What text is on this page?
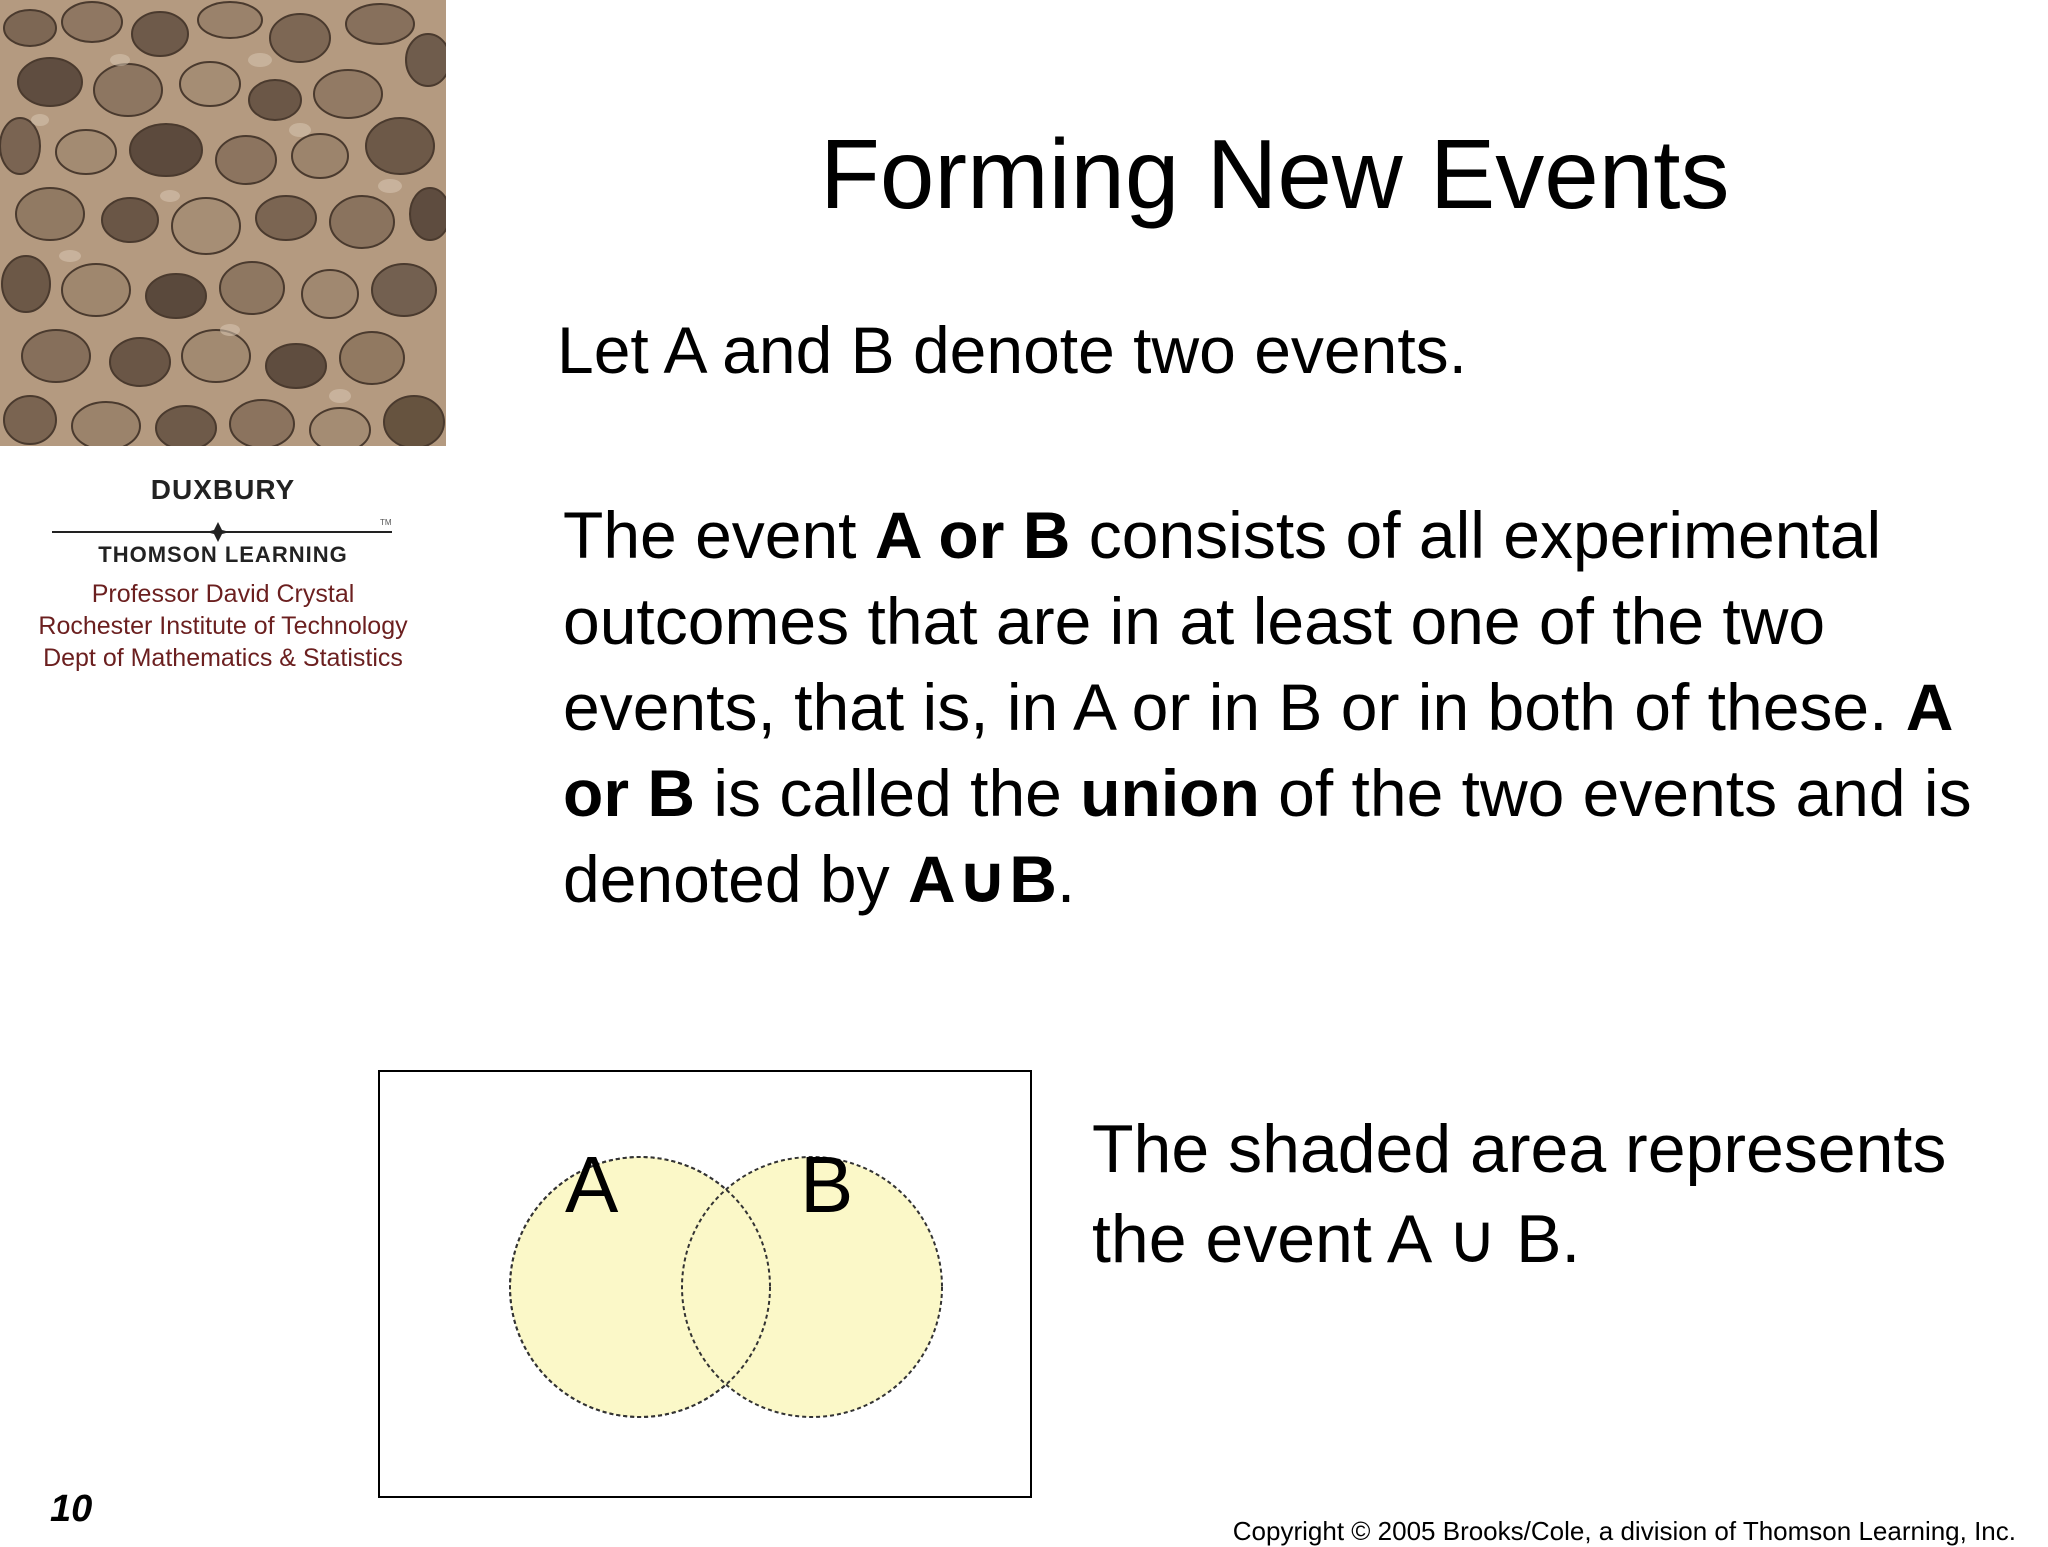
DUXBURY
TM
THOMSON LEARNING
Professor David Crystal
Rochester Institute of Technology
Dept of Mathematics & Statistics
Forming New Events
Let A and B denote two events.
The event A or B consists of all experimental outcomes that are in at least one of the two events, that is, in A or in B or in both of these. A or B is called the union of the two events and is denoted by A∪B.
A B	The shaded area represents
the event A ∪ B.
10
Copyright © 2005 Brooks/Cole, a division of Thomson Learning, Inc.
